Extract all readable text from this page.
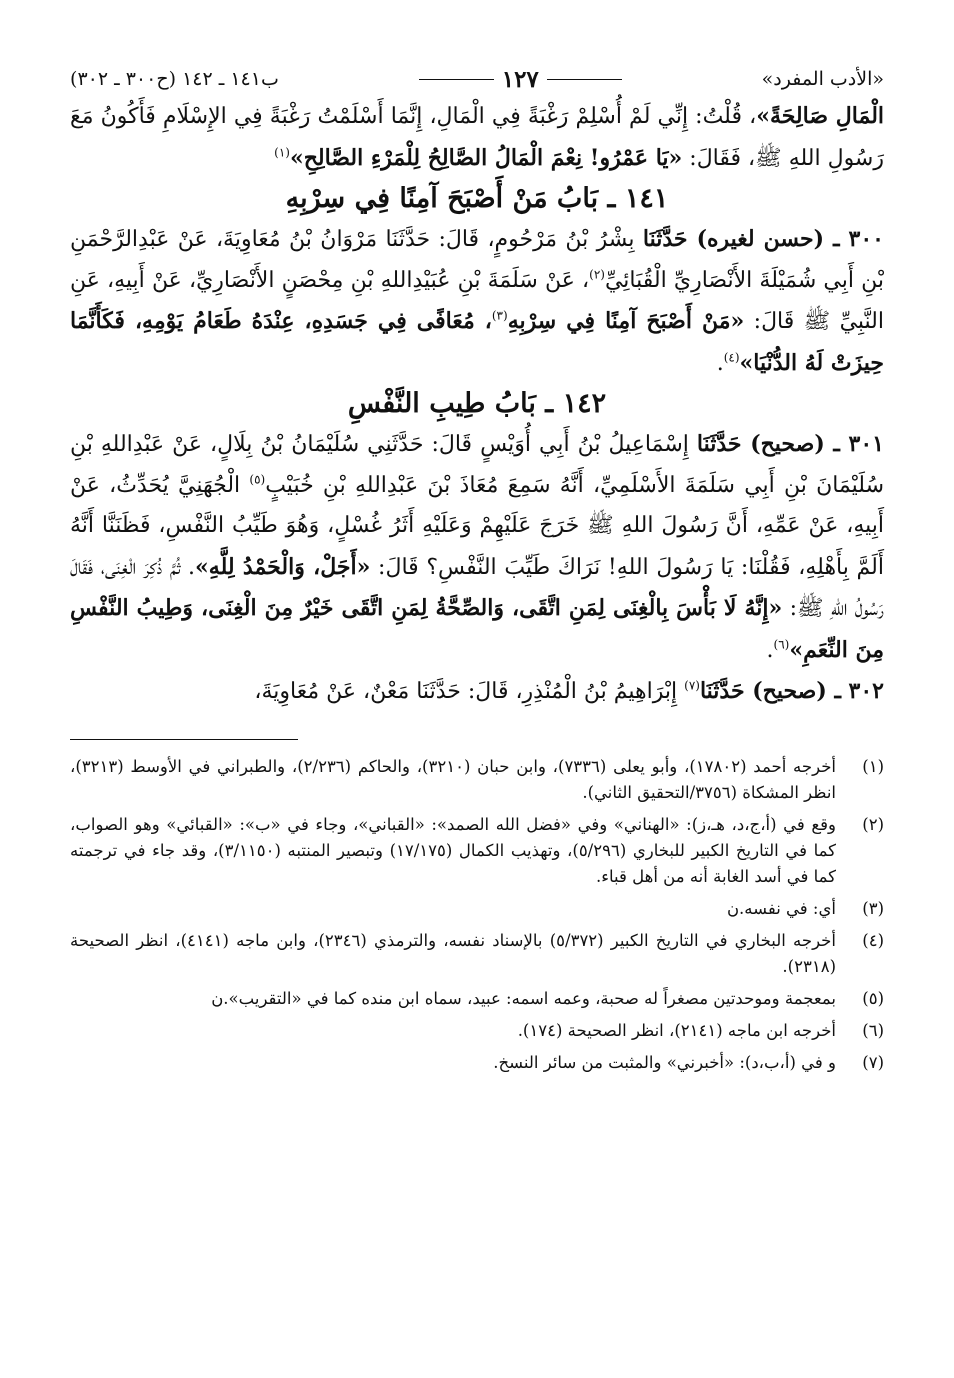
«الأدب المفرد»
١٢٧
ب١٤١ ـ ١٤٢ (ح٣٠٠ ـ ٣٠٢)

الْمَالِ صَالِحَةً»، قُلْتُ: إِنِّي لَمْ أُسْلِمْ رَغْبَةً فِي الْمَالِ، إِنَّمَا أَسْلَمْتُ رَغْبَةً فِي الإِسْلَامِ فَأَكُونُ مَعَ رَسُولِ اللهِ ﷺ، فَقَالَ: «يَا عَمْرُو! نِعْمَ الْمَالُ الصَّالِحُ لِلْمَرْءِ الصَّالِحِ»$^{(١)}$

١٤١ ـ بَابُ مَنْ أَصْبَحَ آمِنًا فِي سِرْبِهِ

٣٠٠ ـ (حسن لغيره) حَدَّثَنَا بِشْرُ بْنُ مَرْحُومٍ، قَالَ: حَدَّثَنَا مَرْوَانُ بْنُ مُعَاوِيَةَ، عَنْ عَبْدِالرَّحْمَنِ بْنِ أَبِي شُمَيْلَةَ الأَنْصَارِيِّ الْقُبَائِيِّ$^{(٢)}$، عَنْ سَلَمَةَ بْنِ عُبَيْدِاللهِ بْنِ مِحْصَنٍ الأَنْصَارِيِّ، عَنْ أَبِيهِ، عَنِ النَّبِيِّ ﷺ قَالَ: «مَنْ أَصْبَحَ آمِنًا فِي سِرْبِهِ$^{(٣)}$، مُعَافًى فِي جَسَدِهِ، عِنْدَهُ طَعَامُ يَوْمِهِ، فَكَأَنَّمَا حِيزَتْ لَهُ الدُّنْيَا»$^{(٤)}$.

١٤٢ ـ بَابُ طِيبِ النَّفْسِ

٣٠١ ـ (صحيح) حَدَّثَنَا إِسْمَاعِيلُ بْنُ أَبِي أُوَيْسٍ قَالَ: حَدَّثَنِي سُلَيْمَانُ بْنُ بِلَالٍ، عَنْ عَبْدِاللهِ بْنِ سُلَيْمَانَ بْنِ أَبِي سَلَمَةَ الأَسْلَمِيِّ، أَنَّهُ سَمِعَ مُعَاذَ بْنَ عَبْدِاللهِ بْنِ خُبَيْبٍ$^{(٥)}$ الْجُهَنِيَّ يُحَدِّثُ، عَنْ أَبِيهِ، عَنْ عَمِّهِ، أَنَّ رَسُولَ اللهِ ﷺ خَرَجَ عَلَيْهِمْ وَعَلَيْهِ أَثَرُ غُسْلٍ، وَهُوَ طَيِّبُ النَّفْسِ، فَظَنَنَّا أَنَّهُ أَلَمَّ بِأَهْلِهِ، فَقُلْنَا: يَا رَسُولَ اللهِ! نَرَاكَ طَيِّبَ النَّفْسِ؟ قَالَ: «أَجَلْ، وَالْحَمْدُ لِلَّهِ». ثُمَّ ذُكِرَ الْغِنَى، فَقَالَ رَسُولُ اللهِ ﷺ: «إِنَّهُ لَا بَأْسَ بِالْغِنَى لِمَنِ اتَّقَى، وَالصِّحَّةُ لِمَنِ اتَّقَى خَيْرٌ مِنَ الْغِنَى، وَطِيبُ النَّفْسِ مِنَ النِّعَمِ»$^{(٦)}$.

٣٠٢ ـ (صحيح) حَدَّثَنَا$^{(٧)}$ إِبْرَاهِيمُ بْنُ الْمُنْذِرِ، قَالَ: حَدَّثَنَا مَعْنٌ، عَنْ مُعَاوِيَةَ،

(١)
أخرجه أحمد (١٧٨٠٢)، وأبو يعلى (٧٣٣٦)، وابن حبان (٣٢١٠)، والحاكم (٢/٢٣٦)، والطبراني في الأوسط (٣٢١٣)، انظر المشكاة (٣٧٥٦/التحقيق الثاني).
(٢)
وقع في (أ،ج،د، هـ،ز): «الهناني» وفي «فضل الله الصمد»: «القباني»، وجاء في «ب»: «القبائي» وهو الصواب، كما في التاريخ الكبير للبخاري (٥/٢٩٦)، وتهذيب الكمال (١٧/١٧٥) وتبصير المنتبه (٣/١١٥٠)، وقد جاء في ترجمته كما في أسد الغابة أنه من أهل قباء.
(٣)
أي: في نفسه.ن
(٤)
أخرجه البخاري في التاريخ الكبير (٥/٣٧٢) بالإسناد نفسه، والترمذي (٢٣٤٦)، وابن ماجه (٤١٤١)، انظر الصحيحة (٢٣١٨).
(٥)
بمعجمة وموحدتين مصغراً له صحبة، وعمه اسمه: عبيد، سماه ابن منده كما في «التقريب».ن
(٦)
أخرجه ابن ماجه (٢١٤١)، انظر الصحيحة (١٧٤).
(٧)
و في (أ،ب،د): «أخبرني» والمثبت من سائر النسخ.
